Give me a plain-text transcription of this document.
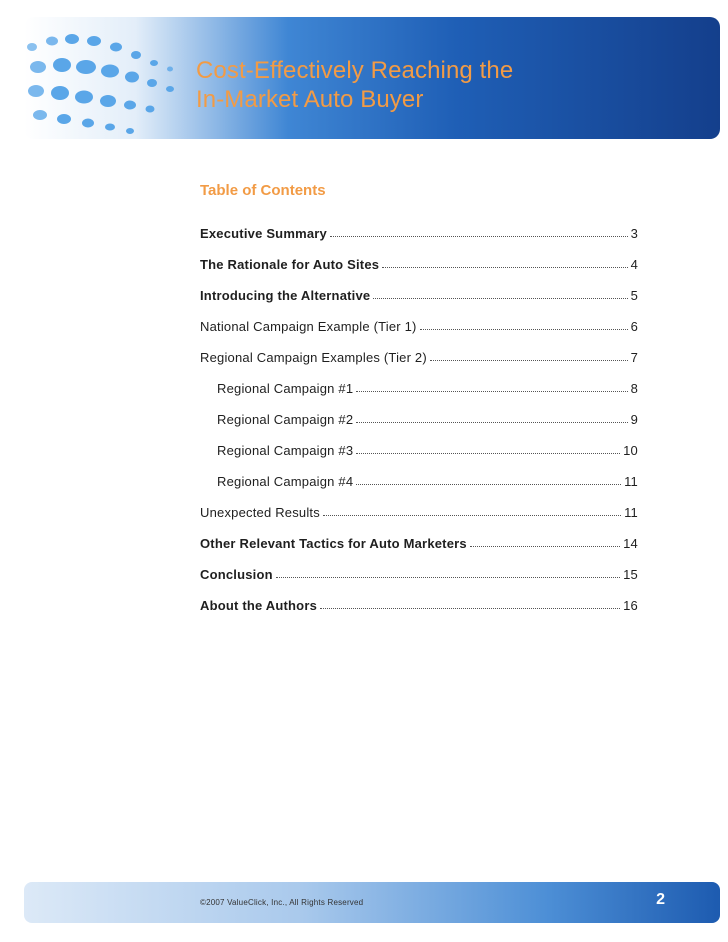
Cost-Effectively Reaching the
In-Market Auto Buyer
Table of Contents
Executive Summary	3
The Rationale for Auto Sites	4
Introducing the Alternative	5
National Campaign Example (Tier 1)	6
Regional Campaign Examples (Tier 2)	7
Regional Campaign #1	8
Regional Campaign #2	9
Regional Campaign #3	10
Regional Campaign #4	11
Unexpected Results	11
Other Relevant Tactics for Auto Marketers	14
Conclusion	15
About the Authors	16
©2007 ValueClick, Inc., All Rights Reserved	2
